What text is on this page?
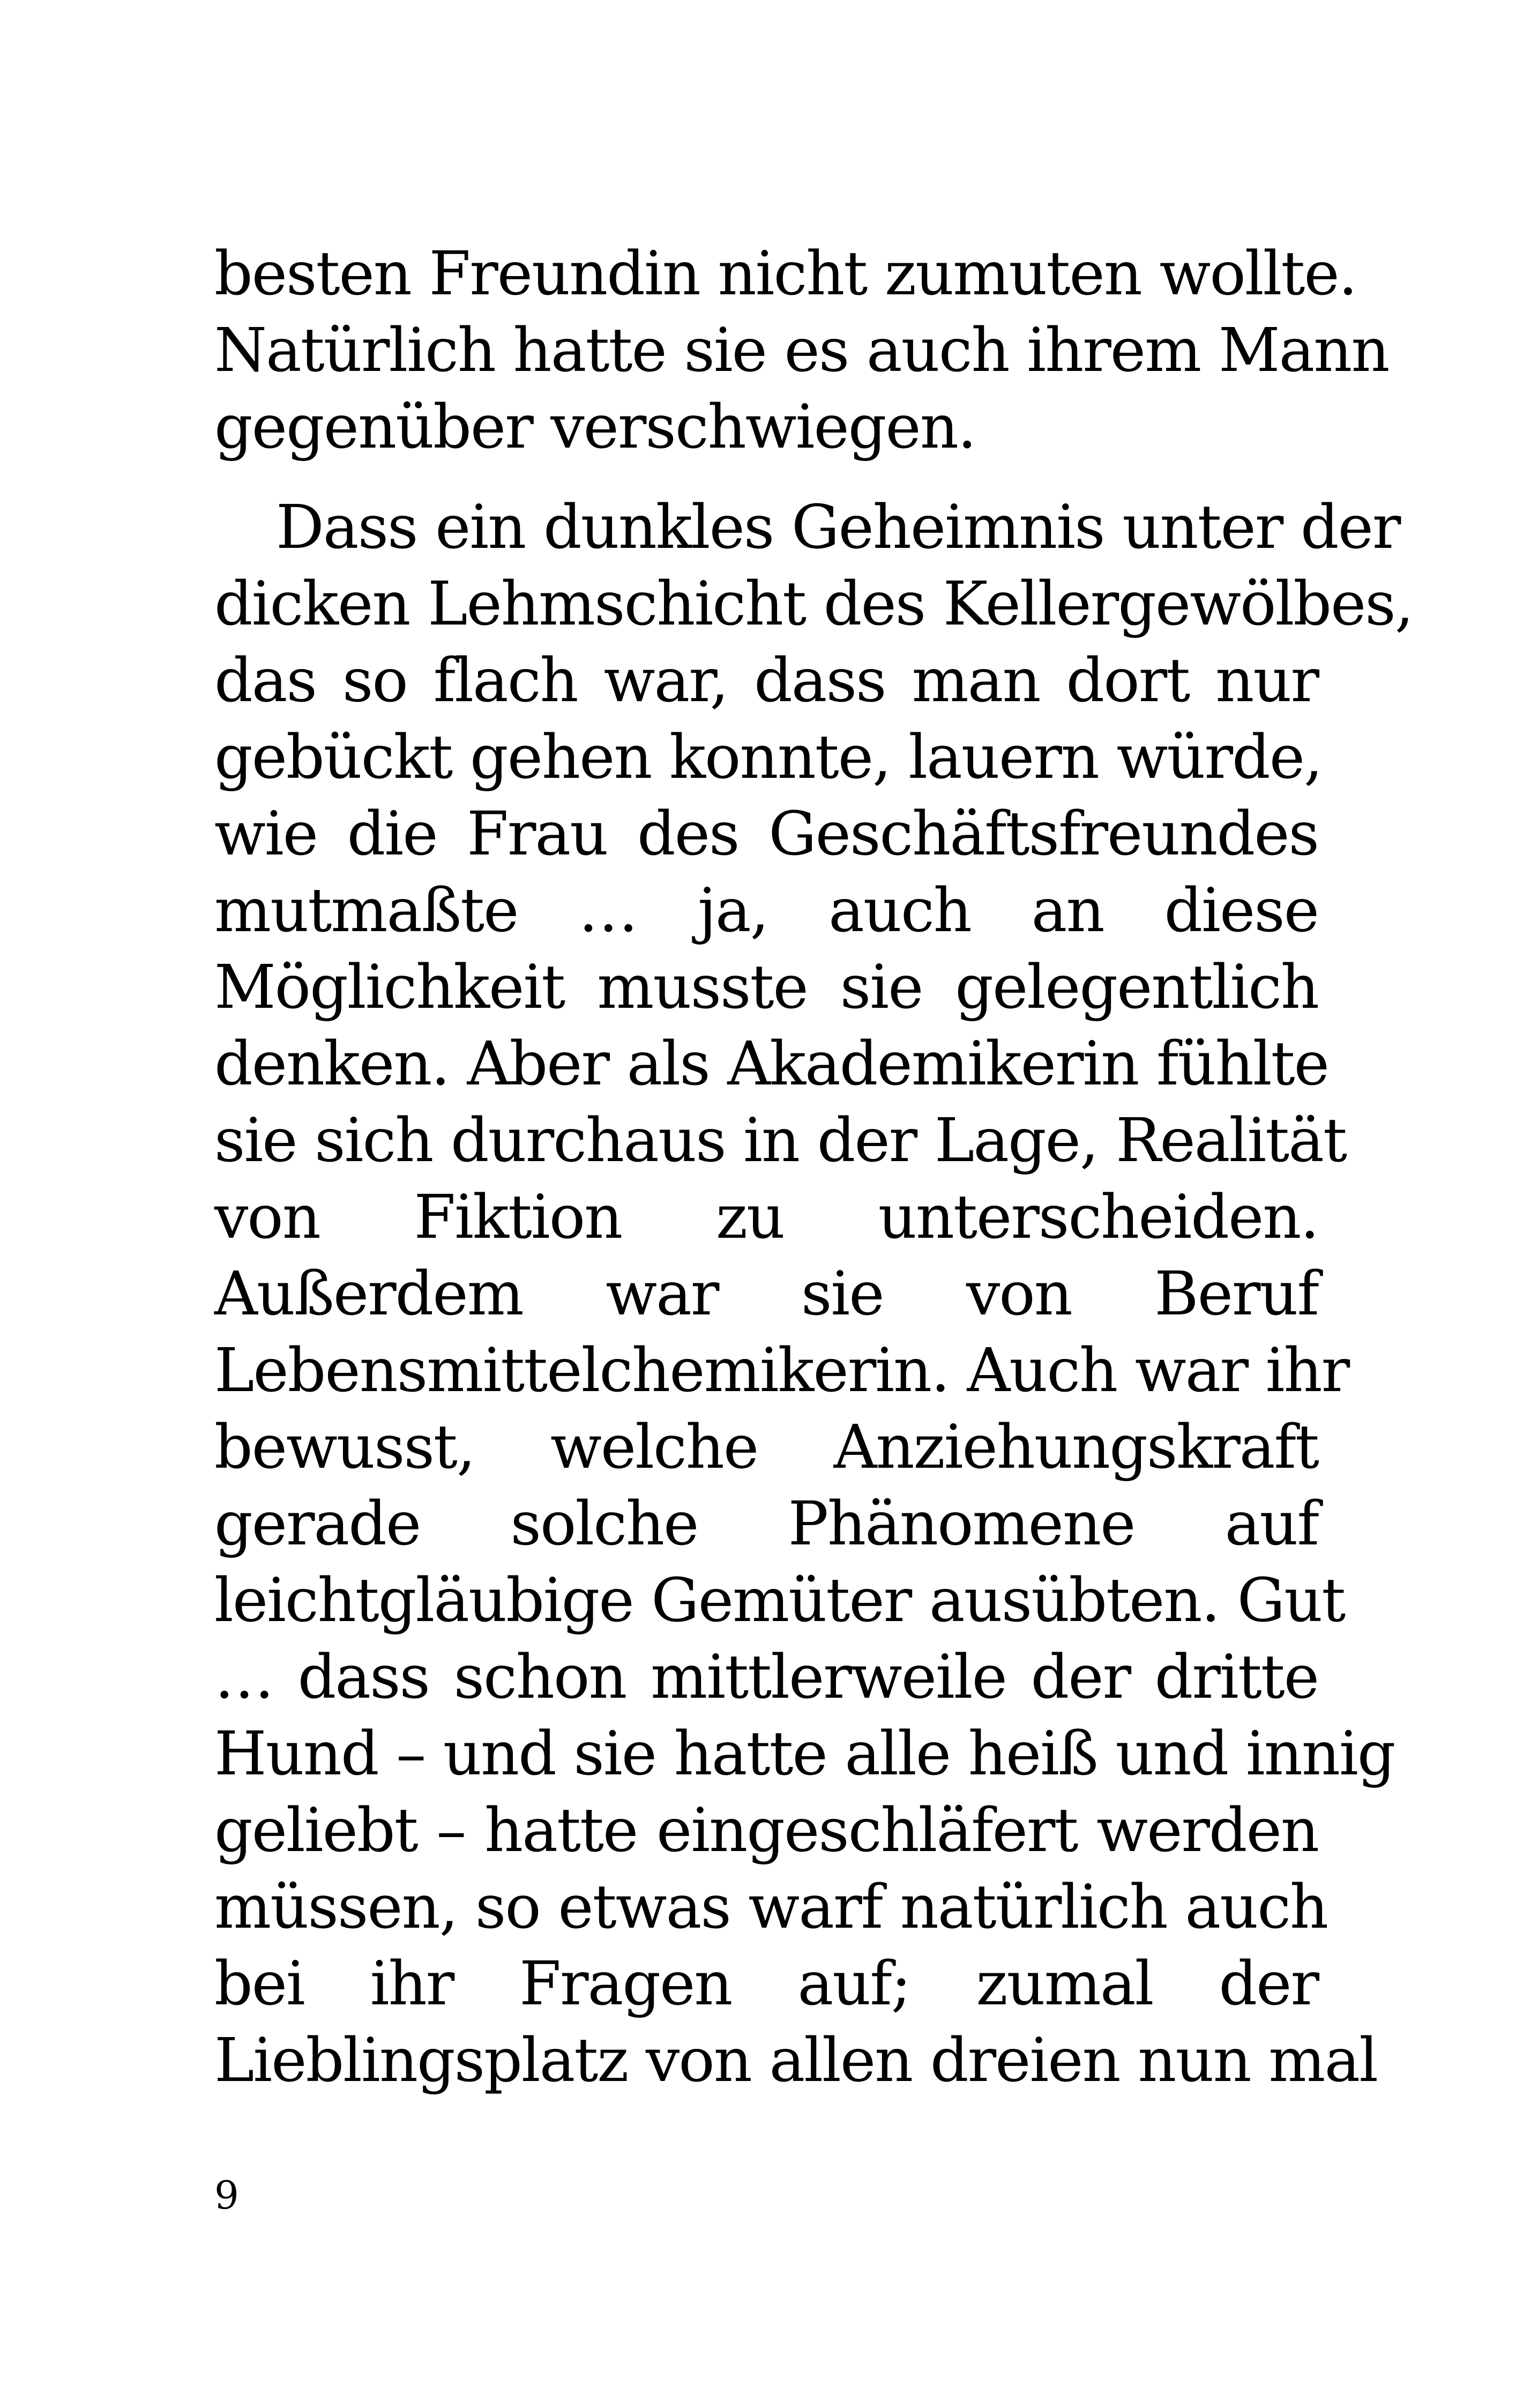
besten Freundin nicht zumuten wollte.
Natürlich hatte sie es auch ihrem Mann
gegenüber verschwiegen.
Dass ein dunkles Geheimnis unter der
dicken Lehmschicht des Kellergewölbes,
das so flach war, dass man dort nur
gebückt gehen konnte, lauern würde,
wie die Frau des Geschäftsfreundes
mutmaßte … ja, auch an diese
Möglichkeit musste sie gelegentlich
denken. Aber als Akademikerin fühlte
sie sich durchaus in der Lage, Realität
von Fiktion zu unterscheiden.
Außerdem war sie von Beruf
Lebensmittelchemikerin. Auch war ihr
bewusst, welche Anziehungskraft
gerade solche Phänomene auf
leichtgläubige Gemüter ausübten. Gut
… dass schon mittlerweile der dritte
Hund – und sie hatte alle heiß und innig
geliebt – hatte eingeschläfert werden
müssen, so etwas warf natürlich auch
bei ihr Fragen auf; zumal der
Lieblingsplatz von allen dreien nun mal
9
